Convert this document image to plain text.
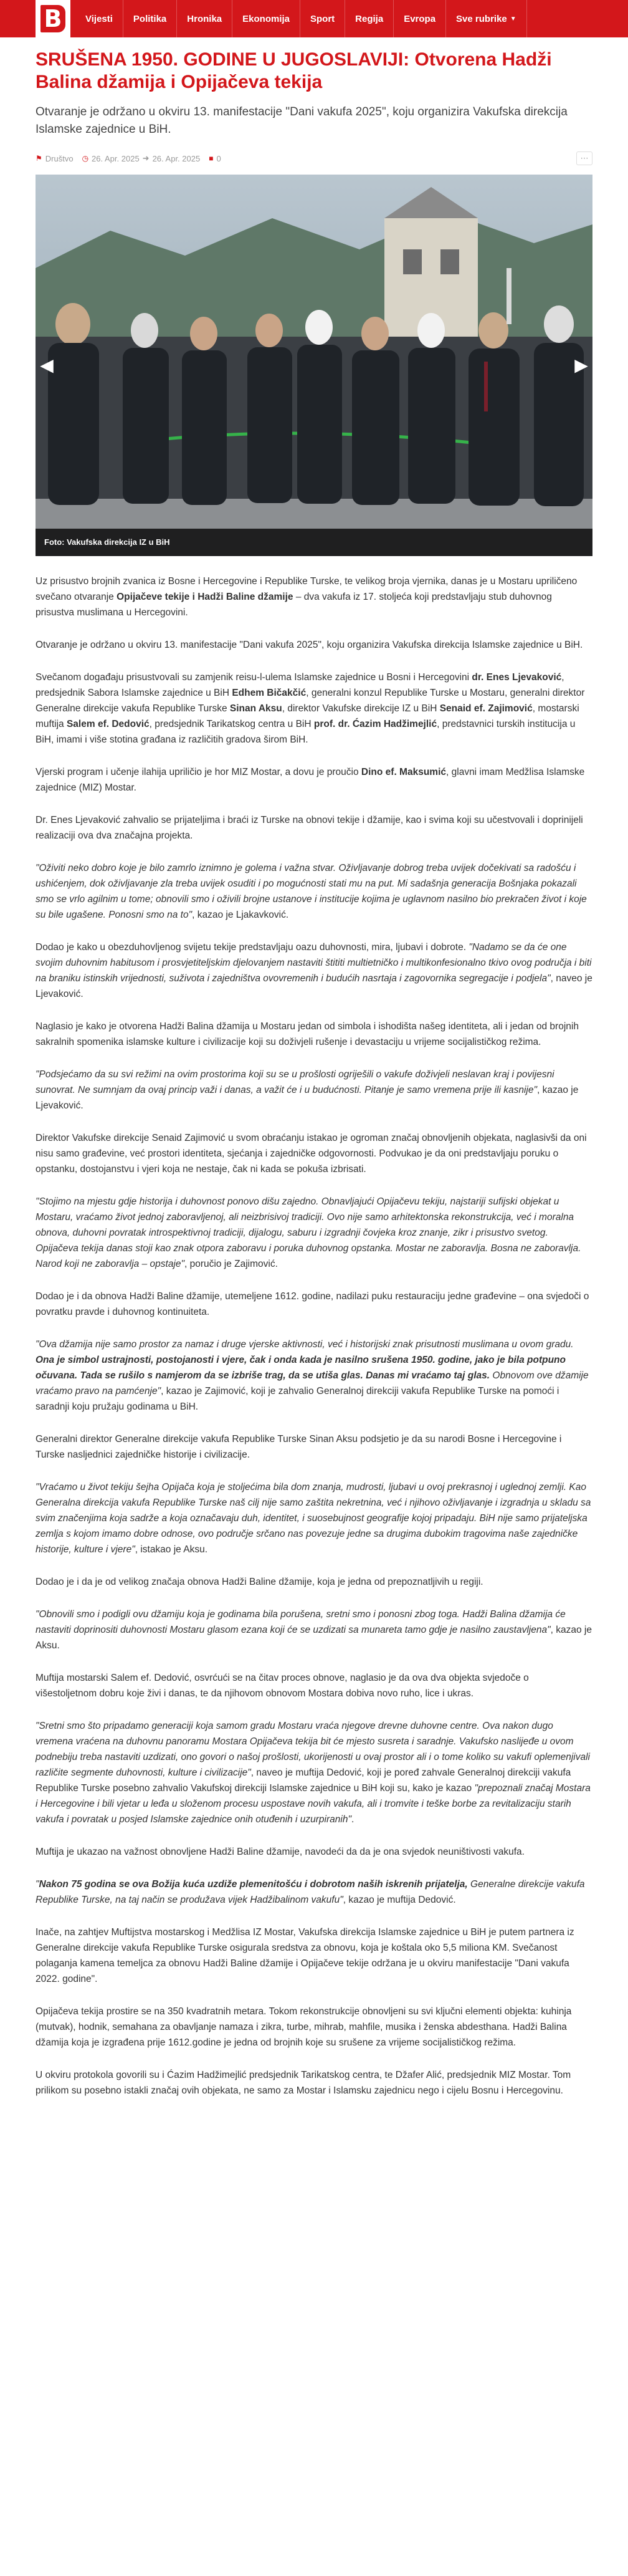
B	Vijesti	Politika	Hronika	Ekonomija	Sport	Regija	Evropa	Sve rubrike ▼
SRUŠENA 1950. GODINE U JUGOSLAVIJI: Otvorena Hadži Balina džamija i Opijačeva tekija

Otvaranje je održano u okviru 13. manifestacije "Dani vakufa 2025", koju organizira Vakufska direkcija Islamske zajednice u BiH.

⚑ Društvo ◷ 26. Apr. 2025 ➜ 26. Apr. 2025 ■ 0	⋯
◀	▶
Foto: Vakufska direkcija IZ u BiH

Uz prisustvo brojnih zvanica iz Bosne i Hercegovine i Republike Turske, te velikog broja vjernika, danas je u Mostaru upriličeno svečano otvaranje Opijačeve tekije i Hadži Baline džamije – dva vakufa iz 17. stoljeća koji predstavljaju stub duhovnog prisustva muslimana u Hercegovini.

Otvaranje je održano u okviru 13. manifestacije "Dani vakufa 2025", koju organizira Vakufska direkcija Islamske zajednice u BiH.

Svečanom događaju prisustvovali su zamjenik reisu-l-ulema Islamske zajednice u Bosni i Hercegovini dr. Enes Ljevaković, predsjednik Sabora Islamske zajednice u BiH Edhem Bičakčić, generalni konzul Republike Turske u Mostaru, generalni direktor Generalne direkcije vakufa Republike Turske Sinan Aksu, direktor Vakufske direkcije IZ u BiH Senaid ef. Zajimović, mostarski muftija Salem ef. Dedović, predsjednik Tarikatskog centra u BiH prof. dr. Ćazim Hadžimejlić, predstavnici turskih institucija u BiH, imami i više stotina građana iz različitih gradova širom BiH.

Vjerski program i učenje ilahija upriličio je hor MIZ Mostar, a dovu je proučio Dino ef. Maksumić, glavni imam Medžlisa Islamske zajednice (MIZ) Mostar.

Dr. Enes Ljevaković zahvalio se prijateljima i braći iz Turske na obnovi tekije i džamije, kao i svima koji su učestvovali i doprinijeli realizaciji ova dva značajna projekta.

"Oživiti neko dobro koje je bilo zamrlo iznimno je golema i važna stvar. Oživljavanje dobrog treba uvijek dočekivati sa radošću i ushićenjem, dok oživljavanje zla treba uvijek osuditi i po mogućnosti stati mu na put. Mi sadašnja generacija Bošnjaka pokazali smo se vrlo agilnim u tome; obnovili smo i oživili brojne ustanove i institucije kojima je uglavnom nasilno bio prekračen život i koje su bile ugašene. Ponosni smo na to", kazao je Ljakavković.

Dodao je kako u obezduhovljenog svijetu tekije predstavljaju oazu duhovnosti, mira, ljubavi i dobrote. "Nadamo se da će one svojim duhovnim habitusom i prosvjetiteljskim djelovanjem nastaviti štititi multietničko i multikonfesionalno tkivo ovog područja i biti na braniku istinskih vrijednosti, suživota i zajedništva ovovremenih i budućih nasrtaja i zagovornika segregacije i podjela", naveo je Ljevaković.

Naglasio je kako je otvorena Hadži Balina džamija u Mostaru jedan od simbola i ishodišta našeg identiteta, ali i jedan od brojnih sakralnih spomenika islamske kulture i civilizacije koji su doživjeli rušenje i devastaciju u vrijeme socijalističkog režima.

"Podsjećamo da su svi režimi na ovim prostorima koji su se u prošlosti ogriješili o vakufe doživjeli neslavan kraj i povijesni sunovrat. Ne sumnjam da ovaj princip važi i danas, a važit će i u budućnosti. Pitanje je samo vremena prije ili kasnije", kazao je Ljevaković.

Direktor Vakufske direkcije Senaid Zajimović u svom obraćanju istakao je ogroman značaj obnovljenih objekata, naglasivši da oni nisu samo građevine, već prostori identiteta, sjećanja i zajedničke odgovornosti. Podvukao je da oni predstavljaju poruku o opstanku, dostojanstvu i vjeri koja ne nestaje, čak ni kada se pokuša izbrisati.

"Stojimo na mjestu gdje historija i duhovnost ponovo dišu zajedno. Obnavljajući Opijačevu tekiju, najstariji sufijski objekat u Mostaru, vraćamo život jednoj zaboravljenoj, ali neizbrisivoj tradiciji. Ovo nije samo arhitektonska rekonstrukcija, već i moralna obnova, duhovni povratak introspektivnoj tradiciji, dijalogu, saburu i izgradnji čovjeka kroz znanje, zikr i prisustvo svetog. Opijačeva tekija danas stoji kao znak otpora zaboravu i poruka duhovnog opstanka. Mostar ne zaboravlja. Bosna ne zaboravlja. Narod koji ne zaboravlja – opstaje", poručio je Zajimović.

Dodao je i da obnova Hadži Baline džamije, utemeljene 1612. godine, nadilazi puku restauraciju jedne građevine – ona svjedoči o povratku pravde i duhovnog kontinuiteta.

"Ova džamija nije samo prostor za namaz i druge vjerske aktivnosti, već i historijski znak prisutnosti muslimana u ovom gradu. Ona je simbol ustrajnosti, postojanosti i vjere, čak i onda kada je nasilno srušena 1950. godine, jako je bila potpuno očuvana. Tada se rušilo s namjerom da se izbriše trag, da se utiša glas. Danas mi vraćamo taj glas. Obnovom ove džamije vraćamo pravo na pamćenje", kazao je Zajimović, koji je zahvalio Generalnoj direkciji vakufa Republike Turske na pomoći i saradnji koju pružaju godinama u BiH.

Generalni direktor Generalne direkcije vakufa Republike Turske Sinan Aksu podsjetio je da su narodi Bosne i Hercegovine i Turske nasljednici zajedničke historije i civilizacije.

"Vraćamo u život tekiju šejha Opijača koja je stoljećima bila dom znanja, mudrosti, ljubavi u ovoj prekrasnoj i uglednoj zemlji. Kao Generalna direkcija vakufa Republike Turske naš cilj nije samo zaštita nekretnina, već i njihovo oživljavanje i izgradnja u skladu sa svim značenjima koja sadrže a koja označavaju duh, identitet, i suosebujnost geografije kojoj pripadaju. BiH nije samo prijateljska zemlja s kojom imamo dobre odnose, ovo područje srčano nas povezuje jedne sa drugima dubokim tragovima naše zajedničke historije, kulture i vjere", istakao je Aksu.

Dodao je i da je od velikog značaja obnova Hadži Baline džamije, koja je jedna od prepoznatljivih u regiji.

"Obnovili smo i podigli ovu džamiju koja je godinama bila porušena, sretni smo i ponosni zbog toga. Hadži Balina džamija će nastaviti doprinositi duhovnosti Mostaru glasom ezana koji će se uzdizati sa munareta tamo gdje je nasilno zaustavljena", kazao je Aksu.

Muftija mostarski Salem ef. Dedović, osvrćući se na čitav proces obnove, naglasio je da ova dva objekta svjedoče o višestoljetnom dobru koje živi i danas, te da njihovom obnovom Mostara dobiva novo ruho, lice i ukras.

"Sretni smo što pripadamo generaciji koja samom gradu Mostaru vraća njegove drevne duhovne centre. Ova nakon dugo vremena vraćena na duhovnu panoramu Mostara Opijačeva tekija bit će mjesto susreta i saradnje. Vakufsko naslijeđe u ovom podnebiju treba nastaviti uzdizati, ono govori o našoj prošlosti, ukorijenosti u ovaj prostor ali i o tome koliko su vakufi oplemenjivali različite segmente duhovnosti, kulture i civilizacije", naveo je muftija Dedović, koji je poređ zahvale Generalnoj direkciji vakufa Republike Turske posebno zahvalio Vakufskoj direkciji Islamske zajednice u BiH koji su, kako je kazao "prepoznali značaj Mostara i Hercegovine i bili vjetar u leđa u složenom procesu uspostave novih vakufa, ali i tromvite i teške borbe za revitalizaciju starih vakufa i povratak u posjed Islamske zajednice onih otuđenih i uzurpiranih".

Muftija je ukazao na važnost obnovljene Hadži Baline džamije, navodeći da da je ona svjedok neuništivosti vakufa.

"Nakon 75 godina se ova Božija kuća uzdiže plemenitošću i dobrotom naših iskrenih prijatelja, Generalne direkcije vakufa Republike Turske, na taj način se produžava vijek Hadžibalinom vakufu", kazao je muftija Dedović.

Inače, na zahtjev Muftijstva mostarskog i Medžlisa IZ Mostar, Vakufska direkcija Islamske zajednice u BiH je putem partnera iz Generalne direkcije vakufa Republike Turske osigurala sredstva za obnovu, koja je koštala oko 5,5 miliona KM. Svečanost polaganja kamena temeljca za obnovu Hadži Baline džamije i Opijačeve tekije održana je u okviru manifestacije "Dani vakufa 2022. godine".

Opijačeva tekija prostire se na 350 kvadratnih metara. Tokom rekonstrukcije obnovljeni su svi ključni elementi objekta: kuhinja (mutvak), hodnik, semahana za obavljanje namaza i zikra, turbe, mihrab, mahfile, musika i ženska abdesthana. Hadži Balina džamija koja je izgrađena prije 1612.godine je jedna od brojnih koje su srušene za vrijeme socijalističkog režima.

U okviru protokola govorili su i Ćazim Hadžimejlić predsjednik Tarikatskog centra, te Džafer Alić, predsjednik MIZ Mostar. Tom prilikom su posebno istakli značaj ovih objekata, ne samo za Mostar i Islamsku zajednicu nego i cijelu Bosnu i Hercegovinu.
